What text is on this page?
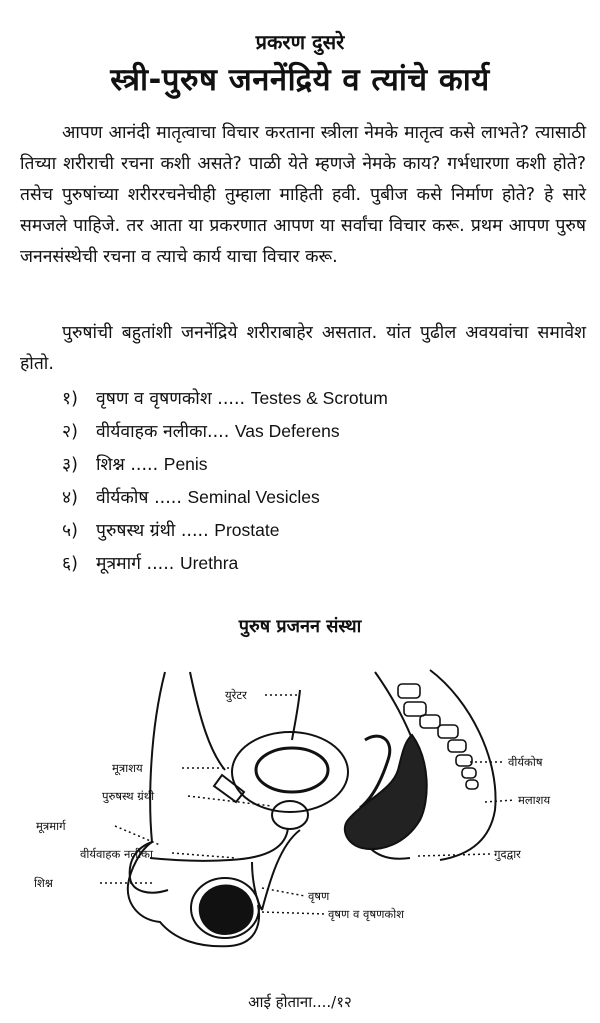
प्रकरण दुसरे
स्त्री-पुरुष जननेंद्रिये व त्यांचे कार्य

आपण आनंदी मातृत्वाचा विचार करताना स्त्रीला नेमके मातृत्व कसे लाभते? त्यासाठी तिच्या शरीराची रचना कशी असते? पाळी येते म्हणजे नेमके काय? गर्भधारणा कशी होते? तसेच पुरुषांच्या शरीररचनेचीही तुम्हाला माहिती हवी. पुबीज कसे निर्माण होते? हे सारे समजले पाहिजे. तर आता या प्रकरणात आपण या सर्वांचा विचार करू. प्रथम आपण पुरुष जननसंस्थेची रचना व त्याचे कार्य याचा विचार करू.

पुरुषांची बहुतांशी जननेंद्रिये शरीराबाहेर असतात. यांत पुढील अवयवांचा समावेश होतो.

१) वृषण व वृषणकोश ..... Testes & Scrotum
२) वीर्यवाहक नलीका.... Vas Deferens
३) शिश्न ..... Penis
४) वीर्यकोष ..... Seminal Vesicles
५) पुरुषस्थ ग्रंथी ..... Prostate
६) मूत्रमार्ग ..... Urethra
पुरुष प्रजनन संस्था
युरेटर
मूत्राशय
पुरुषस्थ ग्रंथी
मूत्रमार्ग
वीर्यवाहक नलीका
शिश्न
वृषण
वृषण व वृषणकोश
वीर्यकोष
मलाशय
गुदद्वार
आई होताना..../१२
